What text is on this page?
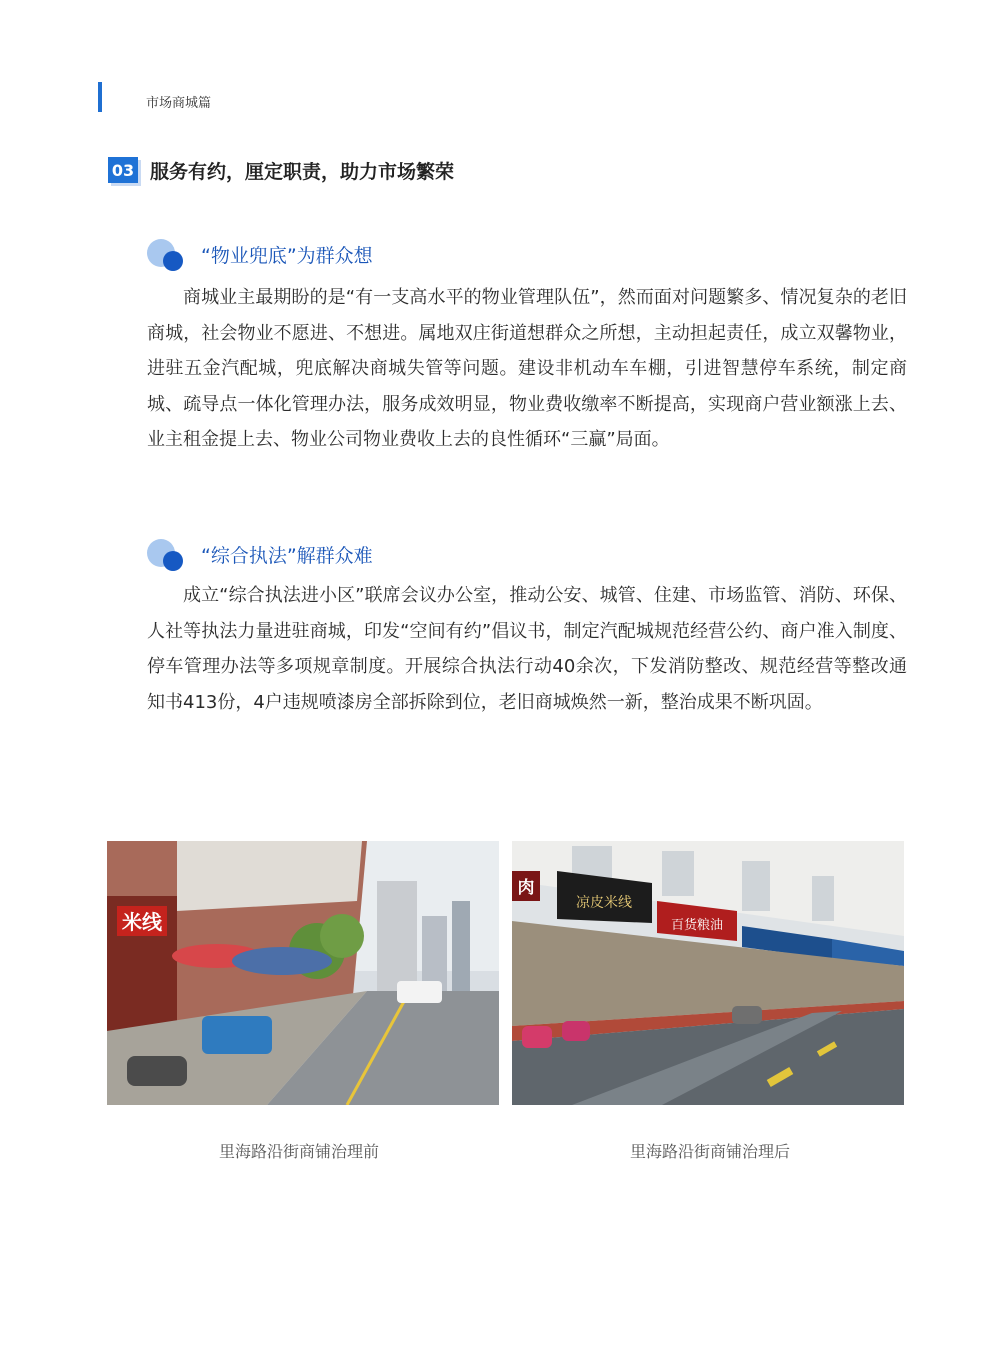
市场商城篇
03 服务有约，厘定职责，助力市场繁荣
“物业兜底”为群众想

商城业主最期盼的是“有一支高水平的物业管理队伍”，然而面对问题繁多、情况复杂的老旧商城，社会物业不愿进、不想进。属地双庄街道想群众之所想，主动担起责任，成立双馨物业，进驻五金汽配城，兜底解决商城失管等问题。建设非机动车车棚，引进智慧停车系统，制定商城、疏导点一体化管理办法，服务成效明显，物业费收缴率不断提高，实现商户营业额涨上去、业主租金提上去、物业公司物业费收上去的良性循环“三赢”局面。

“综合执法”解群众难

成立“综合执法进小区”联席会议办公室，推动公安、城管、住建、市场监管、消防、环保、人社等执法力量进驻商城，印发“空间有约”倡议书，制定汽配城规范经营公约、商户准入制度、停车管理办法等多项规章制度。开展综合执法行动40余次，下发消防整改、规范经营等整改通知书413份，4户违规喷漆房全部拆除到位，老旧商城焕然一新，整治成果不断巩固。

米线
里海路沿街商铺治理前
肉
凉皮米线
百货粮油
里海路沿街商铺治理后
